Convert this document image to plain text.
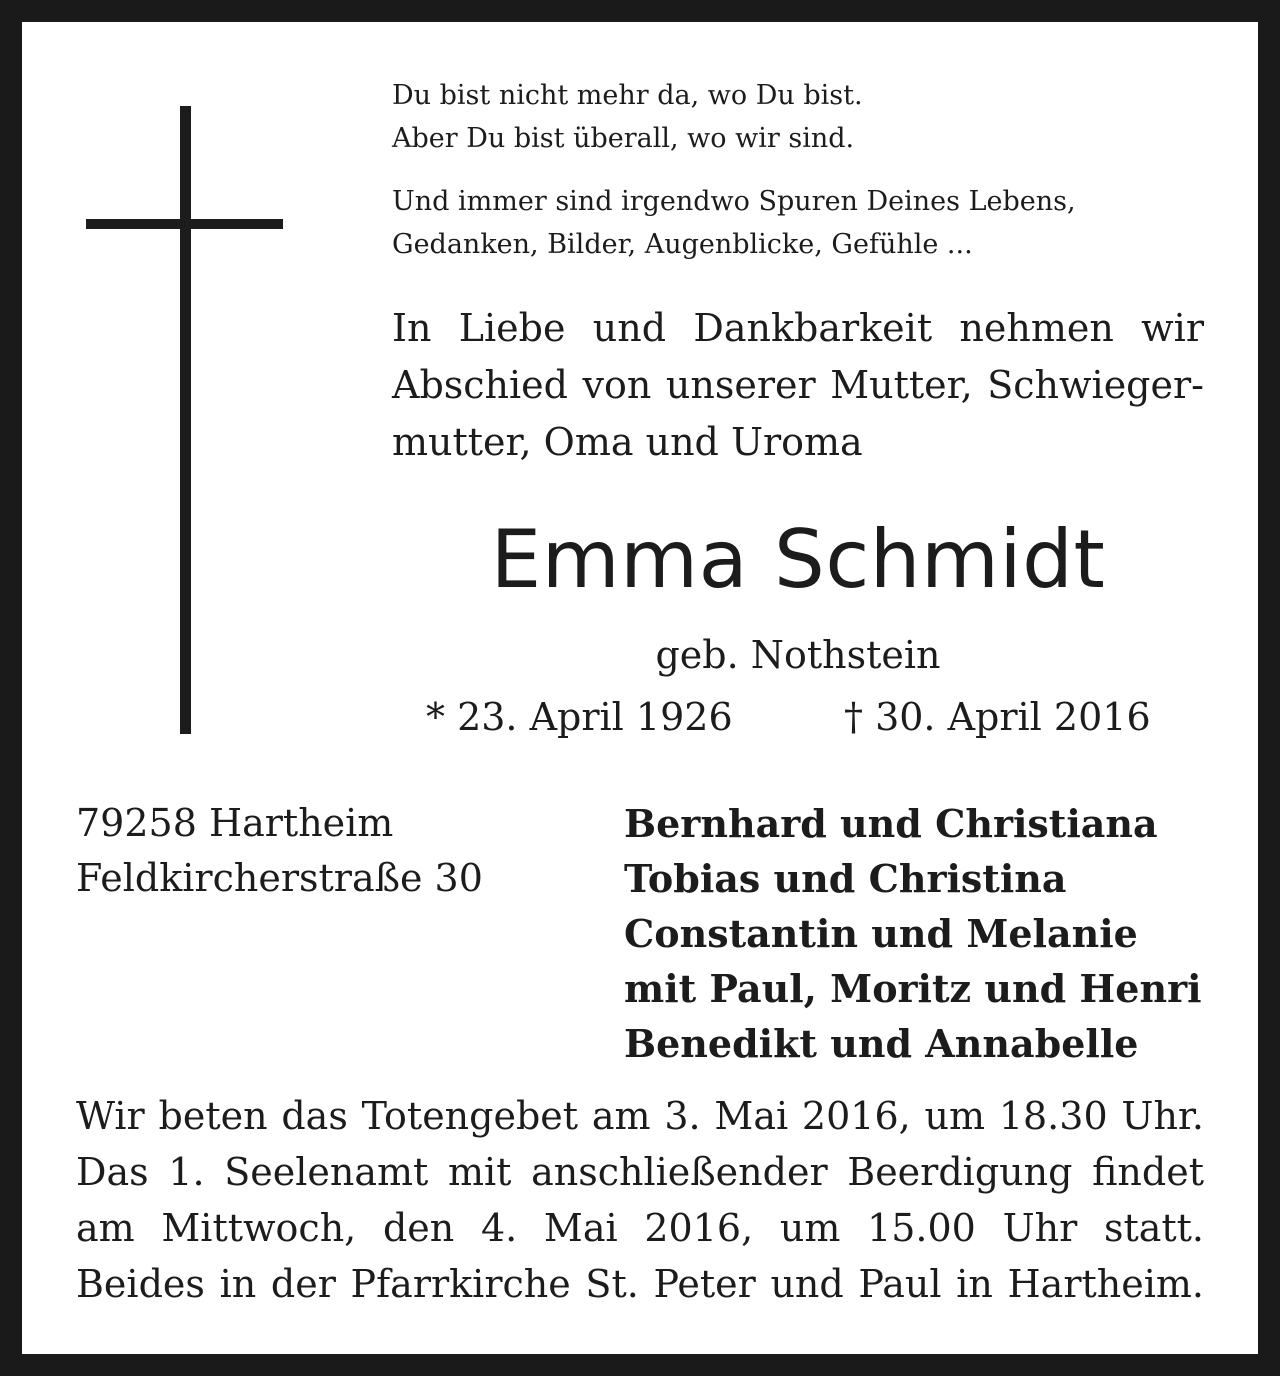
Du bist nicht mehr da, wo Du bist.
Aber Du bist überall, wo wir sind.

Und immer sind irgendwo Spuren Deines Lebens,
Gedanken, Bilder, Augenblicke, Gefühle ...

In Liebe und Dankbarkeit nehmen wir
Abschied von unserer Mutter, Schwieger-
mutter, Oma und Uroma

Emma Schmidt

geb. Nothstein

* 23. April 1926	† 30. April 2016
79258 Hartheim
Feldkircherstraße 30
Bernhard und Christiana
Tobias und Christina
Constantin und Melanie
mit Paul, Moritz und Henri
Benedikt und Annabelle

Wir beten das Totengebet am 3. Mai 2016, um 18.30 Uhr.
Das 1. Seelenamt mit anschließender Beerdigung findet
am Mittwoch, den 4. Mai 2016, um 15.00 Uhr statt.
Beides in der Pfarrkirche St. Peter und Paul in Hartheim.
